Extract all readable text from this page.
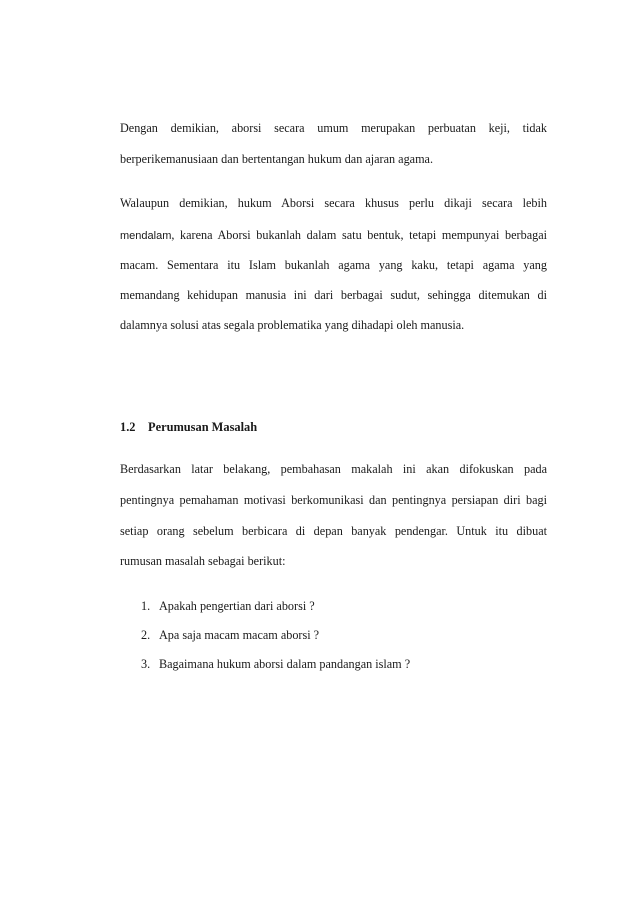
Dengan demikian, aborsi secara umum merupakan perbuatan keji, tidak
berperikemanusiaan dan bertentangan hukum dan ajaran agama.
Walaupun demikian, hukum Aborsi secara khusus perlu dikaji secara lebih
mendalam, karena Aborsi bukanlah dalam satu bentuk, tetapi mempunyai berbagai
macam. Sementara itu Islam bukanlah agama yang kaku, tetapi agama yang
memandang kehidupan manusia ini dari berbagai sudut, sehingga ditemukan di
dalamnya solusi atas segala problematika yang dihadapi oleh manusia.
1.2 Perumusan Masalah
Berdasarkan latar belakang, pembahasan makalah ini akan difokuskan pada
pentingnya pemahaman motivasi berkomunikasi dan pentingnya persiapan diri bagi
setiap orang sebelum berbicara di depan banyak pendengar. Untuk itu dibuat
rumusan masalah sebagai berikut:
1. Apakah pengertian dari aborsi ?
2. Apa saja macam macam aborsi ?
3. Bagaimana hukum aborsi dalam pandangan islam ?
